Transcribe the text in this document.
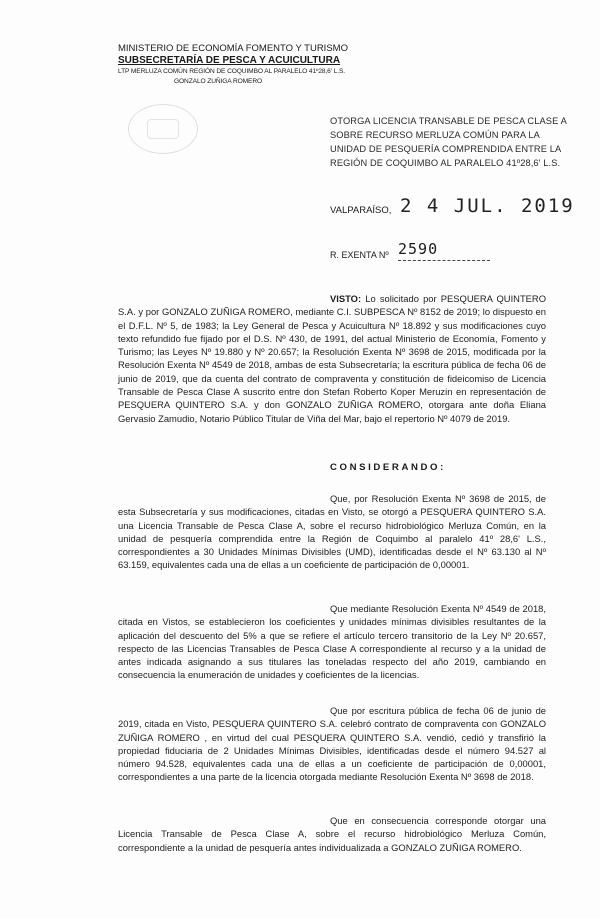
MINISTERIO DE ECONOMÍA FOMENTO Y TURISMO
SUBSECRETARÍA DE PESCA Y ACUICULTURA
LTP MERLUZA COMÚN REGIÓN DE COQUIMBO AL PARALELO 41º28,6' L.S.
GONZALO ZUÑIGA ROMERO
OTORGA LICENCIA TRANSABLE DE PESCA CLASE A SOBRE RECURSO MERLUZA COMÚN PARA LA UNIDAD DE PESQUERÍA COMPRENDIDA ENTRE LA REGIÓN DE COQUIMBO AL PARALELO 41º28,6' L.S.
VALPARAÍSO, 2 4 JUL. 2019
R. EXENTA Nº 2590
VISTO: Lo solicitado por PESQUERA QUINTERO S.A. y por GONZALO ZUÑIGA ROMERO, mediante C.I. SUBPESCA Nº 8152 de 2019; lo dispuesto en el D.F.L. Nº 5, de 1983; la Ley General de Pesca y Acuicultura Nº 18.892 y sus modificaciones cuyo texto refundido fue fijado por el D.S. Nº 430, de 1991, del actual Ministerio de Economía, Fomento y Turismo; las Leyes Nº 19.880 y Nº 20.657; la Resolución Exenta Nº 3698 de 2015, modificada por la Resolución Exenta Nº 4549 de 2018, ambas de esta Subsecretaría; la escritura pública de fecha 06 de junio de 2019, que da cuenta del contrato de compraventa y constitución de fideicomiso de Licencia Transable de Pesca Clase A suscrito entre don Stefan Roberto Koper Meruzin en representación de PESQUERA QUINTERO S.A. y don GONZALO ZUÑIGA ROMERO, otorgara ante doña Eliana Gervasio Zamudio, Notario Público Titular de Viña del Mar, bajo el repertorio Nº 4079 de 2019.
CONSIDERANDO:
Que, por Resolución Exenta Nº 3698 de 2015, de esta Subsecretaría y sus modificaciones, citadas en Visto, se otorgó a PESQUERA QUINTERO S.A. una Licencia Transable de Pesca Clase A, sobre el recurso hidrobiológico Merluza Común, en la unidad de pesquería comprendida entre la Región de Coquimbo al paralelo 41º 28,6' L.S., correspondientes a 30 Unidades Mínimas Divisibles (UMD), identificadas desde el Nº 63.130 al Nº 63.159, equivalentes cada una de ellas a un coeficiente de participación de 0,00001.
Que mediante Resolución Exenta Nº 4549 de 2018, citada en Vistos, se establecieron los coeficientes y unidades mínimas divisibles resultantes de la aplicación del descuento del 5% a que se refiere el artículo tercero transitorio de la Ley Nº 20.657, respecto de las Licencias Transables de Pesca Clase A correspondiente al recurso y a la unidad de antes indicada asignando a sus titulares las toneladas respecto del año 2019, cambiando en consecuencia la enumeración de unidades y coeficientes de la licencias.
Que por escritura pública de fecha 06 de junio de 2019, citada en Visto, PESQUERA QUINTERO S.A. celebró contrato de compraventa con GONZALO ZUÑIGA ROMERO , en virtud del cual PESQUERA QUINTERO S.A. vendió, cedió y transfirió la propiedad fiduciaria de 2 Unidades Mínimas Divisibles, identificadas desde el número 94.527 al número 94.528, equivalentes cada una de ellas a un coeficiente de participación de 0,00001, correspondientes a una parte de la licencia otorgada mediante Resolución Exenta Nº 3698 de 2018.
Que en consecuencia corresponde otorgar una Licencia Transable de Pesca Clase A, sobre el recurso hidrobiológico Merluza Común, correspondiente a la unidad de pesquería antes individualizada a GONZALO ZUÑIGA ROMERO.
